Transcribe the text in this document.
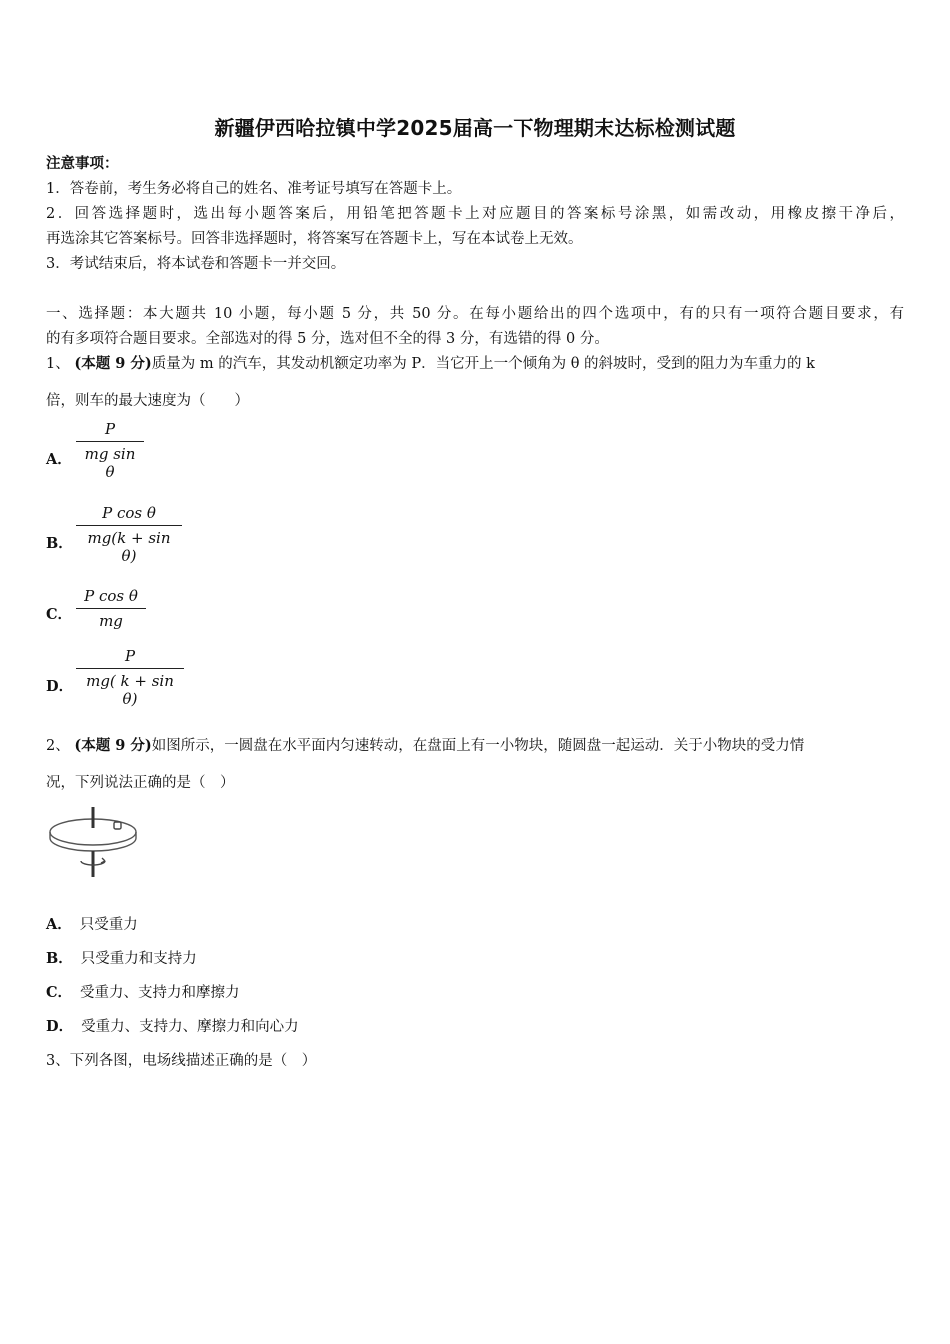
新疆伊西哈拉镇中学2025届高一下物理期末达标检测试题
注意事项：
1．答卷前，考生务必将自己的姓名、准考证号填写在答题卡上。
2．回答选择题时，选出每小题答案后，用铅笔把答题卡上对应题目的答案标号涂黑，如需改动，用橡皮擦干净后，
再选涂其它答案标号。回答非选择题时，将答案写在答题卡上，写在本试卷上无效。
3．考试结束后，将本试卷和答题卡一并交回。
一、选择题：本大题共 10 小题，每小题 5 分，共 50 分。在每小题给出的四个选项中，有的只有一项符合题目要求，有
的有多项符合题目要求。全部选对的得 5 分，选对但不全的得 3 分，有选错的得 0 分。
1、 (本题 9 分)质量为 m 的汽车，其发动机额定功率为 P．当它开上一个倾角为 θ 的斜坡时，受到的阻力为车重力的 k
倍，则车的最大速度为（　　）
A． $\frac{P}{\text{mg sin θ}}$
B． $\frac{\text{P cos θ}}{\text{mg(k + sin θ)}}$
C． $\frac{\text{P cos θ}}{mg}$
D． $\frac{P}{\text{mg( k + sin θ)}}$
2、 (本题 9 分)如图所示，一圆盘在水平面内匀速转动，在盘面上有一小物块，随圆盘一起运动．关于小物块的受力情
况，下列说法正确的是（　）
A． 只受重力
B． 只受重力和支持力
C． 受重力、支持力和摩擦力
D． 受重力、支持力、摩擦力和向心力
3、下列各图，电场线描述正确的是（　）
